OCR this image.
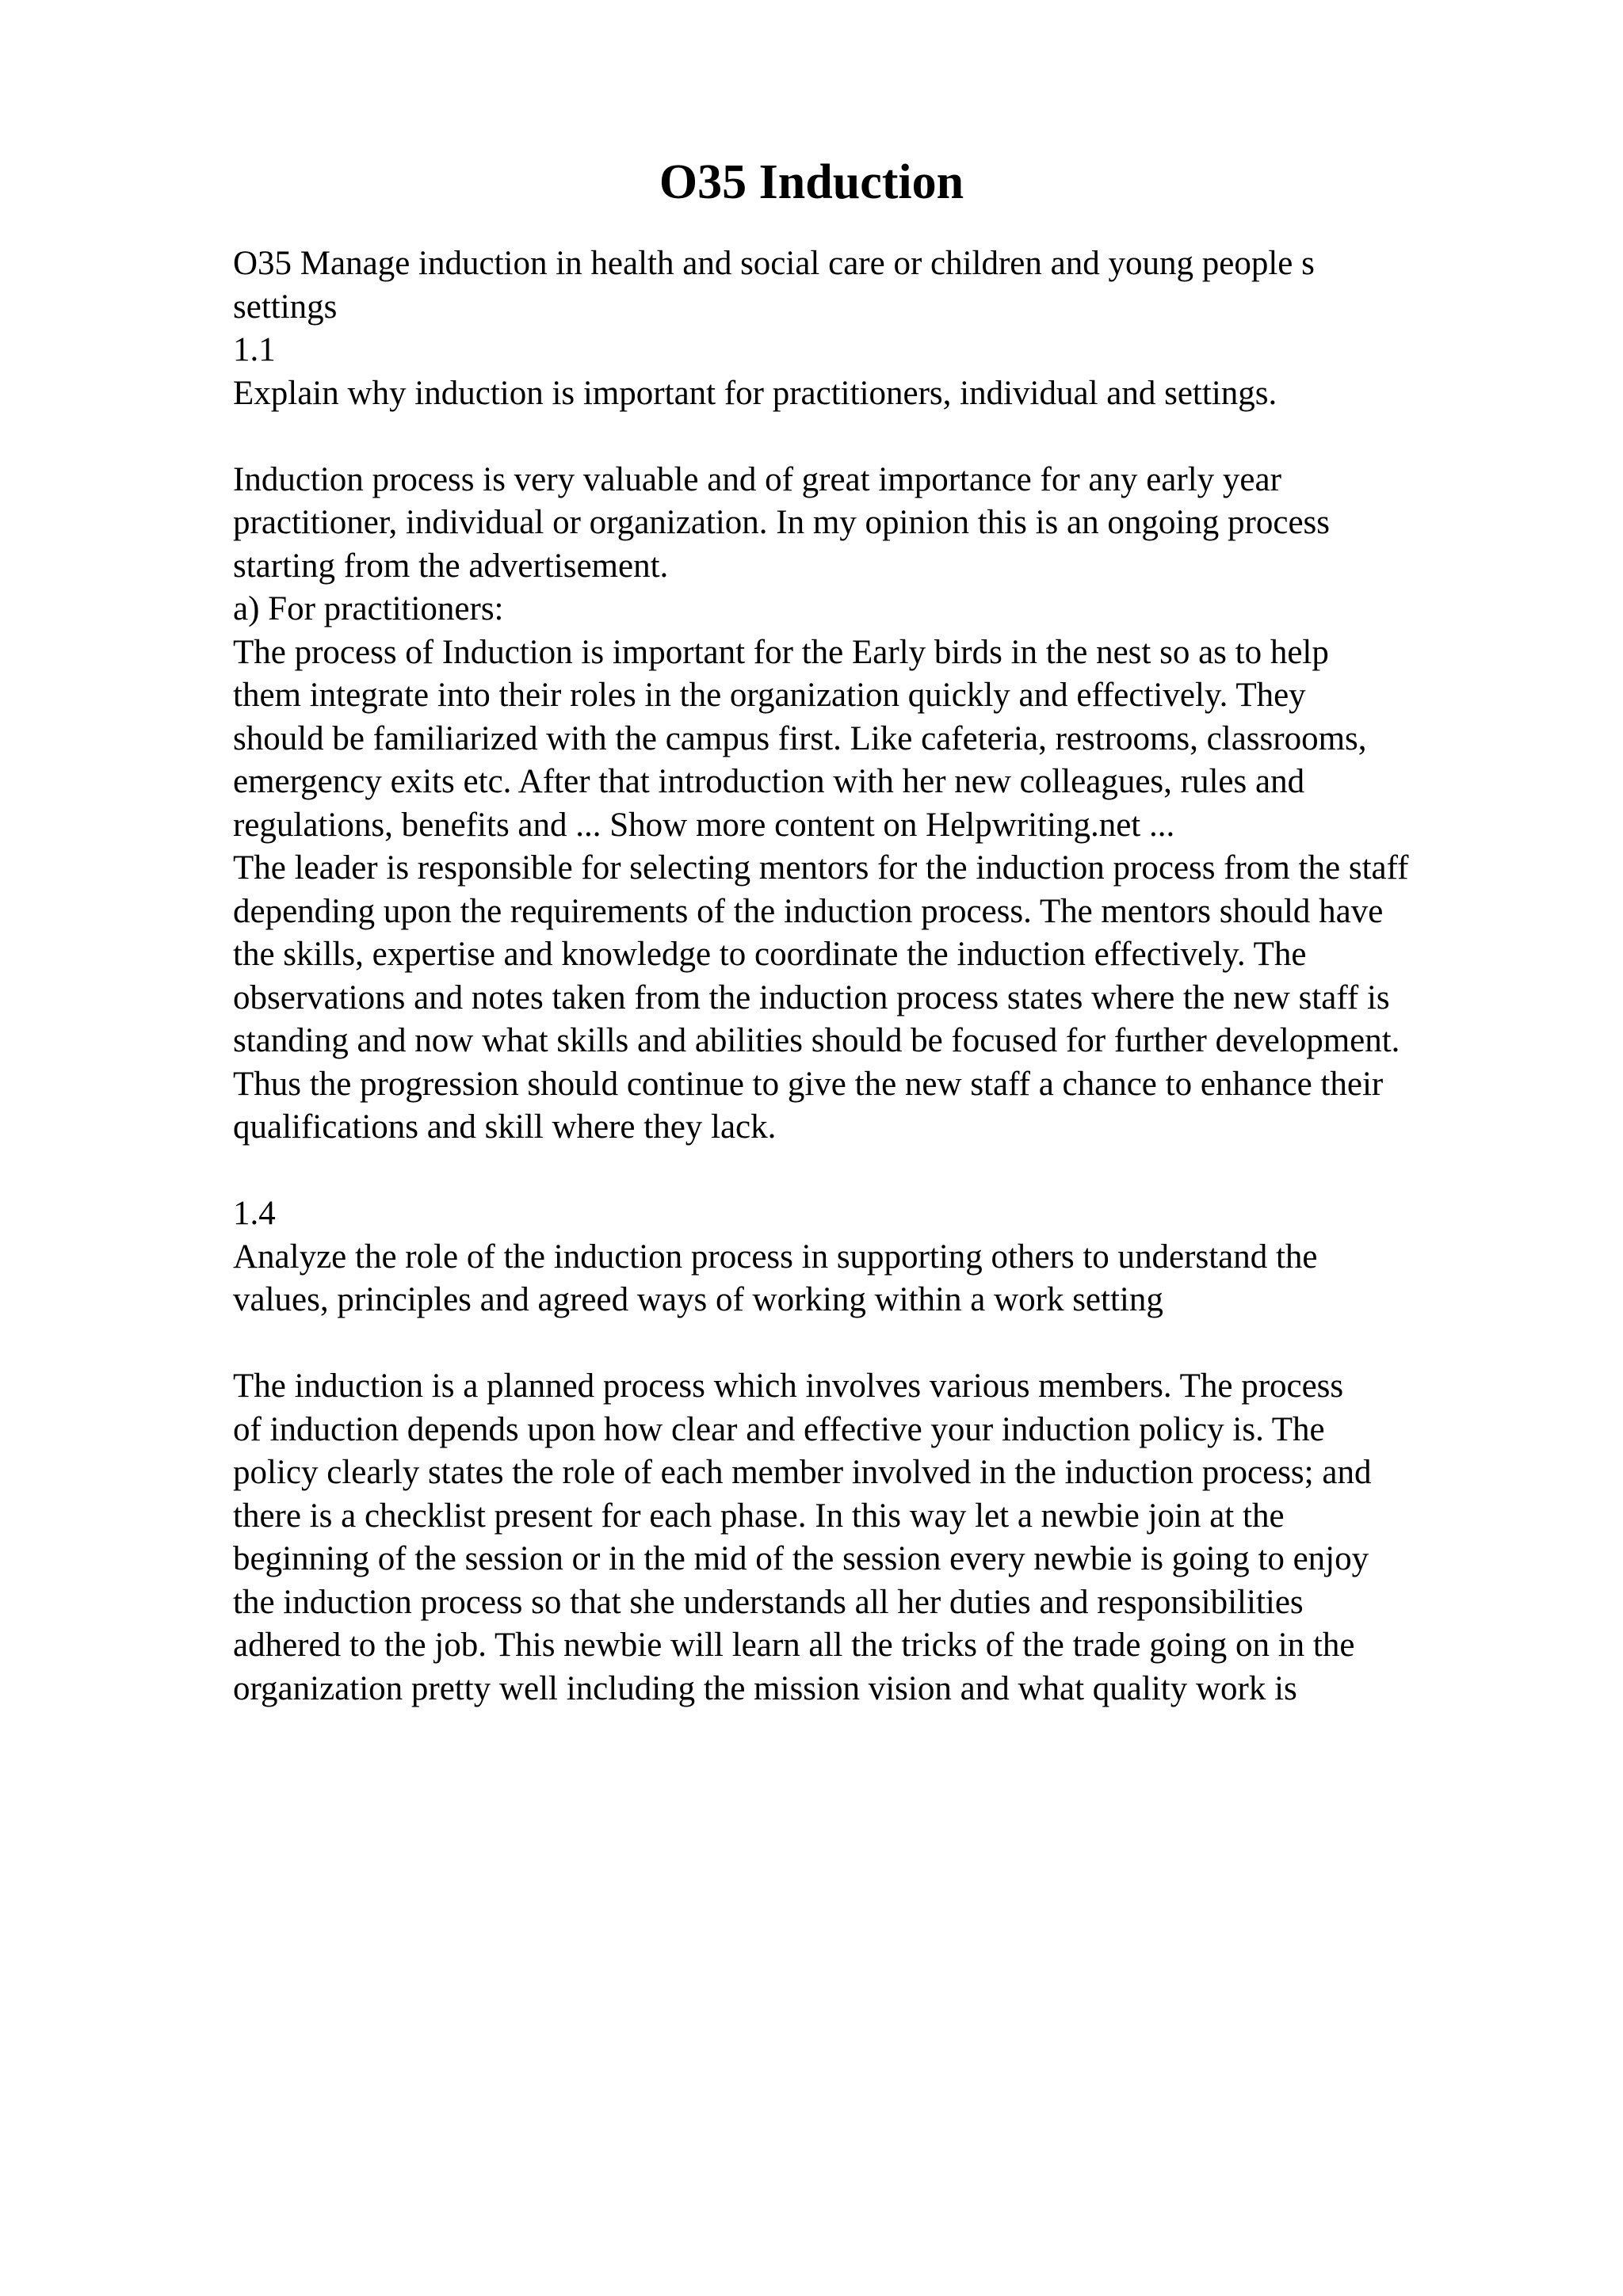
O35 Induction
O35 Manage induction in health and social care or children and young people s
settings
1.1
Explain why induction is important for practitioners, individual and settings.
Induction process is very valuable and of great importance for any early year
practitioner, individual or organization. In my opinion this is an ongoing process
starting from the advertisement.
a) For practitioners:
The process of Induction is important for the Early birds in the nest so as to help
them integrate into their roles in the organization quickly and effectively. They
should be familiarized with the campus first. Like cafeteria, restrooms, classrooms,
emergency exits etc. After that introduction with her new colleagues, rules and
regulations, benefits and ... Show more content on Helpwriting.net ...
The leader is responsible for selecting mentors for the induction process from the staff
depending upon the requirements of the induction process. The mentors should have
the skills, expertise and knowledge to coordinate the induction effectively. The
observations and notes taken from the induction process states where the new staff is
standing and now what skills and abilities should be focused for further development.
Thus the progression should continue to give the new staff a chance to enhance their
qualifications and skill where they lack.
1.4
Analyze the role of the induction process in supporting others to understand the
values, principles and agreed ways of working within a work setting
The induction is a planned process which involves various members. The process
of induction depends upon how clear and effective your induction policy is. The
policy clearly states the role of each member involved in the induction process; and
there is a checklist present for each phase. In this way let a newbie join at the
beginning of the session or in the mid of the session every newbie is going to enjoy
the induction process so that she understands all her duties and responsibilities
adhered to the job. This newbie will learn all the tricks of the trade going on in the
organization pretty well including the mission vision and what quality work is
